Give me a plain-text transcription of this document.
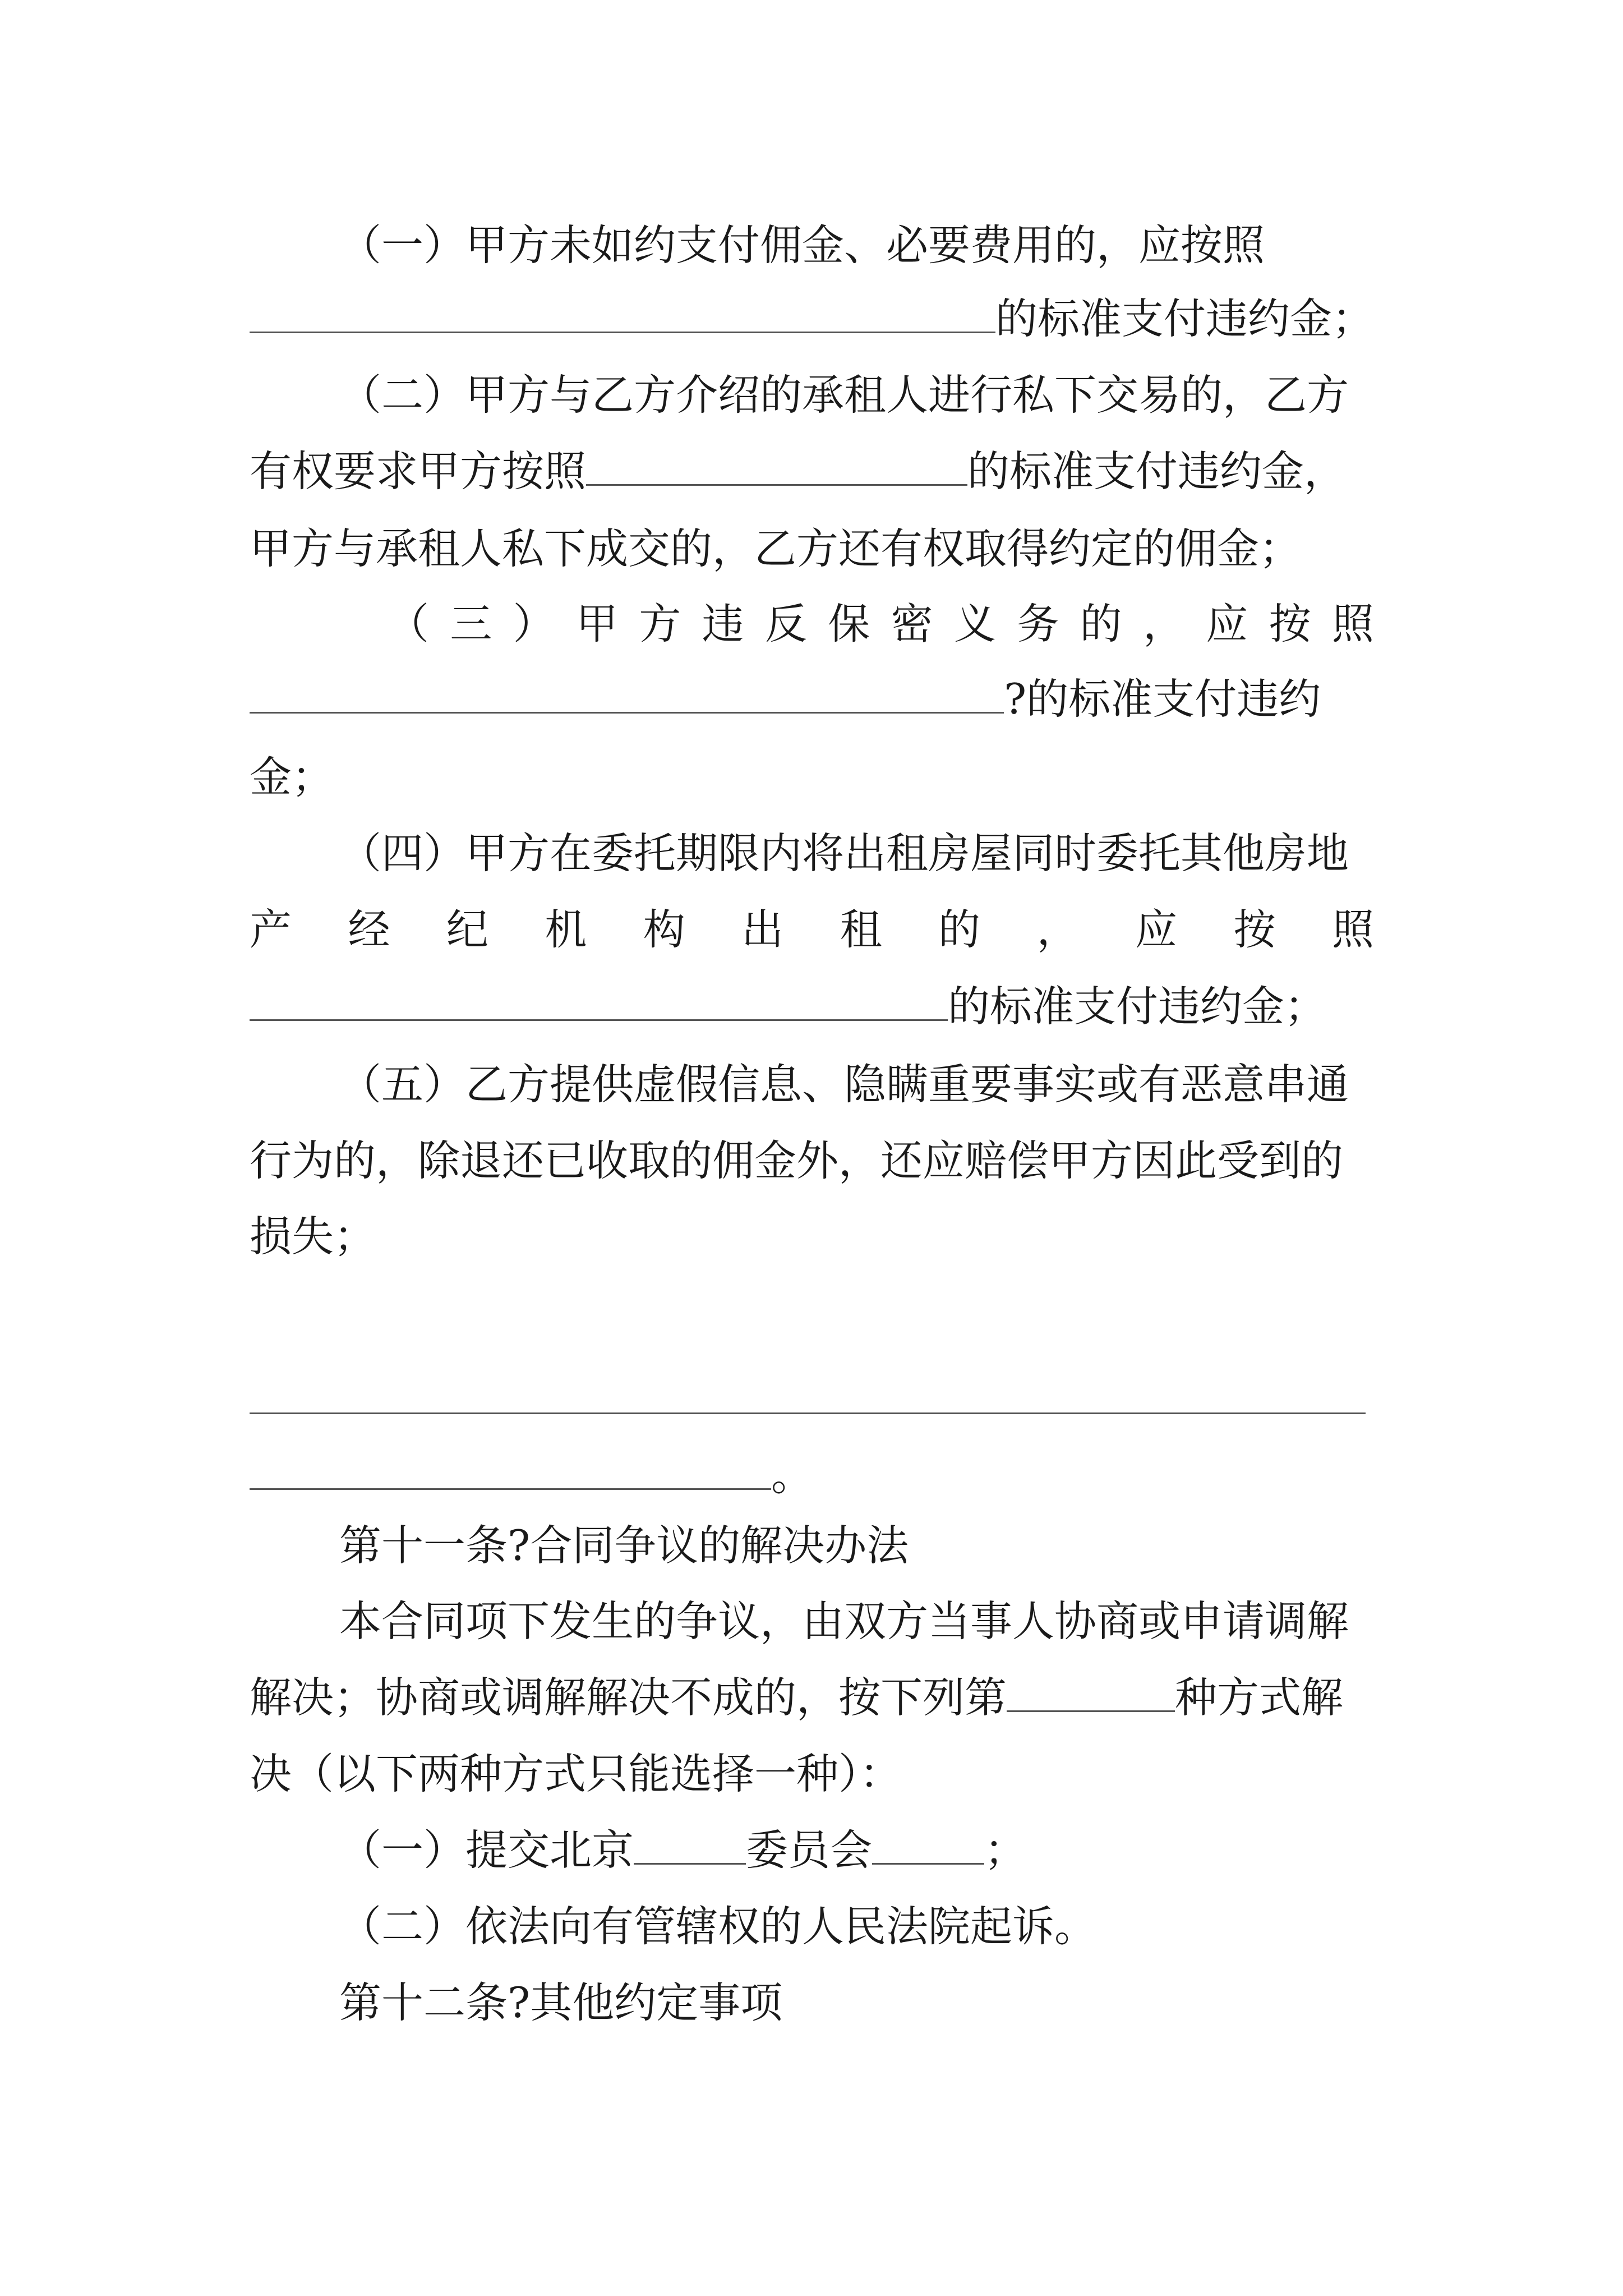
（一）甲方未如约支付佣金、必要费用的，应按照
的标准支付违约金；
（二）甲方与乙方介绍的承租人进行私下交易的，乙方
有权要求甲方按照	的标准支付违约金，
甲方与承租人私下成交的，乙方还有权取得约定的佣金；
（ 三 ） 甲 方 违 反 保 密 义 务 的 ， 应 按 照
?的标准支付违约
金；
（四）甲方在委托期限内将出租房屋同时委托其他房地
产 经 纪 机 构 出 租 的 ， 应 按 照
的标准支付违约金；
（五）乙方提供虚假信息、隐瞒重要事实或有恶意串通
行为的，除退还已收取的佣金外，还应赔偿甲方因此受到的
损失；
。
第十一条?合同争议的解决办法
本合同项下发生的争议，由双方当事人协商或申请调解
解决；协商或调解解决不成的，按下列第	种方式解
决（以下两种方式只能选择一种）：
（一）提交北京	委员会	；
（二）依法向有管辖权的人民法院起诉。
第十二条?其他约定事项
